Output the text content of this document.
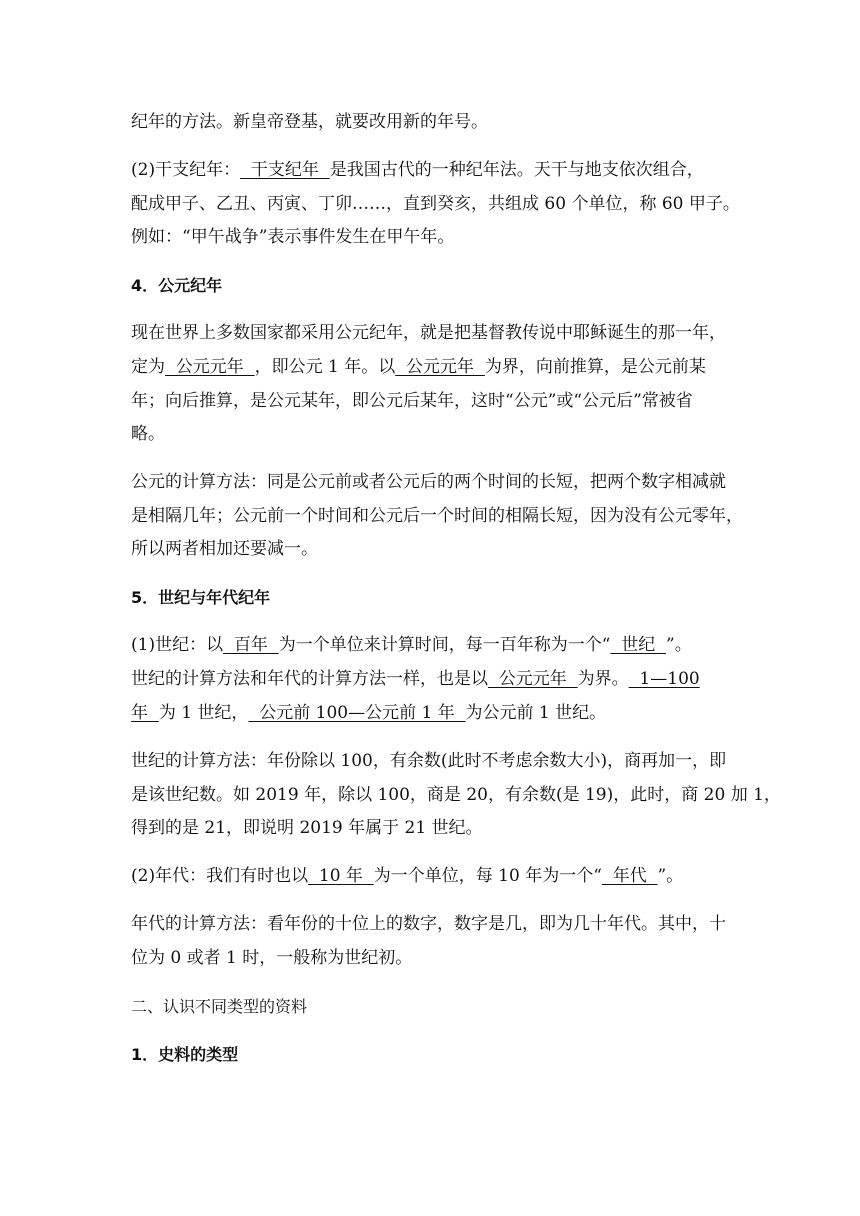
纪年的方法。新皇帝登基，就要改用新的年号。

(2)干支纪年：  干支纪年  是我国古代的一种纪年法。天干与地支依次组合，

配成甲子、乙丑、丙寅、丁卯……，直到癸亥，共组成 60 个单位，称 60 甲子。

例如：“甲午战争”表示事件发生在甲午年。

4．公元纪年

现在世界上多数国家都采用公元纪年，就是把基督教传说中耶稣诞生的那一年，

定为  公元元年  ，即公元 1 年。以  公元元年  为界，向前推算，是公元前某

年；向后推算，是公元某年，即公元后某年，这时“公元”或“公元后”常被省

略。

公元的计算方法：同是公元前或者公元后的两个时间的长短，把两个数字相减就

是相隔几年；公元前一个时间和公元后一个时间的相隔长短，因为没有公元零年，

所以两者相加还要减一。

5．世纪与年代纪年

(1)世纪：以  百年  为一个单位来计算时间，每一百年称为一个“  世纪  ”。

世纪的计算方法和年代的计算方法一样，也是以  公元元年  为界。  1—100

年  为 1 世纪，  公元前 100—公元前 1 年  为公元前 1 世纪。

世纪的计算方法：年份除以 100，有余数(此时不考虑余数大小)，商再加一，即

是该世纪数。如 2019 年，除以 100，商是 20，有余数(是 19)，此时，商 20 加 1，

得到的是 21，即说明 2019 年属于 21 世纪。

(2)年代：我们有时也以  10 年  为一个单位，每 10 年为一个“  年代  ”。

年代的计算方法：看年份的十位上的数字，数字是几，即为几十年代。其中，十

位为 0 或者 1 时，一般称为世纪初。

二、认识不同类型的资料

1．史料的类型
